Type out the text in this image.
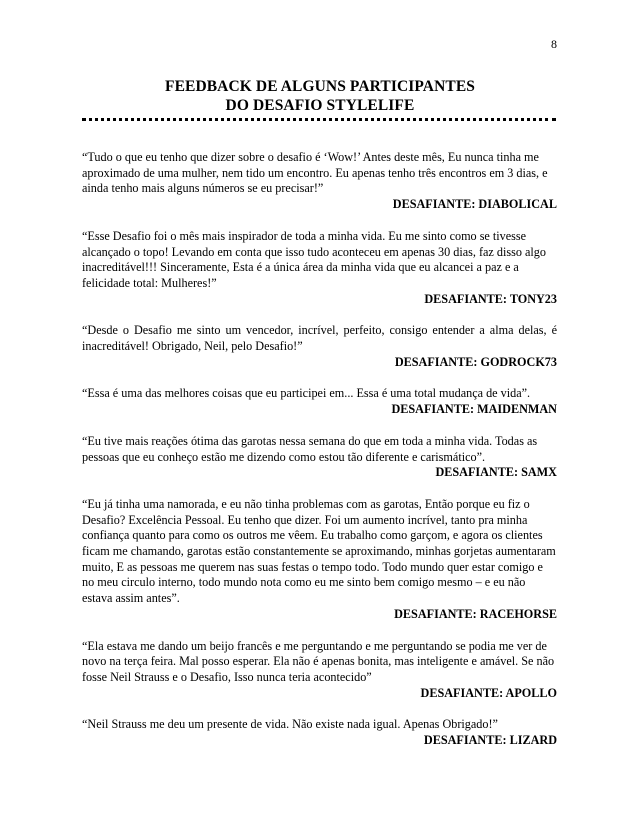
8
FEEDBACK DE ALGUNS PARTICIPANTES
DO DESAFIO STYLELIFE

“Tudo o que eu tenho que dizer sobre o desafio é ‘Wow!’ Antes deste mês, Eu nunca tinha me aproximado de uma mulher, nem tido um encontro. Eu apenas tenho três encontros em 3 dias, e ainda tenho mais alguns números se eu precisar!”

DESAFIANTE: DIABOLICAL

“Esse Desafio foi o mês mais inspirador de toda a minha vida. Eu me sinto como se tivesse alcançado o topo! Levando em conta que isso tudo aconteceu em apenas 30 dias, faz disso algo inacreditável!!! Sinceramente, Esta é a única área da minha vida que eu alcancei a paz e a felicidade total: Mulheres!”

DESAFIANTE: TONY23

“Desde o Desafio me sinto um vencedor, incrível, perfeito, consigo entender a alma delas, é inacreditável! Obrigado, Neil, pelo Desafio!”

DESAFIANTE: GODROCK73

“Essa é uma das melhores coisas que eu participei em... Essa é uma total mudança de vida”.

DESAFIANTE: MAIDENMAN

“Eu tive mais reações ótima das garotas nessa semana do que em toda a minha vida. Todas as pessoas que eu conheço estão me dizendo como estou tão diferente e carismático”.

DESAFIANTE: SAMX

“Eu já tinha uma namorada, e eu não tinha problemas com as garotas, Então porque eu fiz o Desafio? Excelência Pessoal. Eu tenho que dizer. Foi um aumento incrível, tanto pra minha confiança quanto para como os outros me vêem. Eu trabalho como garçom, e agora os clientes ficam me chamando, garotas estão constantemente se aproximando, minhas gorjetas aumentaram muito, E as pessoas me querem nas suas festas o tempo todo. Todo mundo quer estar comigo e no meu circulo interno, todo mundo nota como eu me sinto bem comigo mesmo – e eu não estava assim antes”.

DESAFIANTE: RACEHORSE

“Ela estava me dando um beijo francês e me perguntando e me perguntando se podia me ver de novo na terça feira. Mal posso esperar. Ela não é apenas bonita, mas inteligente e amável. Se não fosse Neil Strauss e o Desafio, Isso nunca teria acontecido”

DESAFIANTE: APOLLO

“Neil Strauss me deu um presente de vida. Não existe nada igual. Apenas Obrigado!”

DESAFIANTE: LIZARD
